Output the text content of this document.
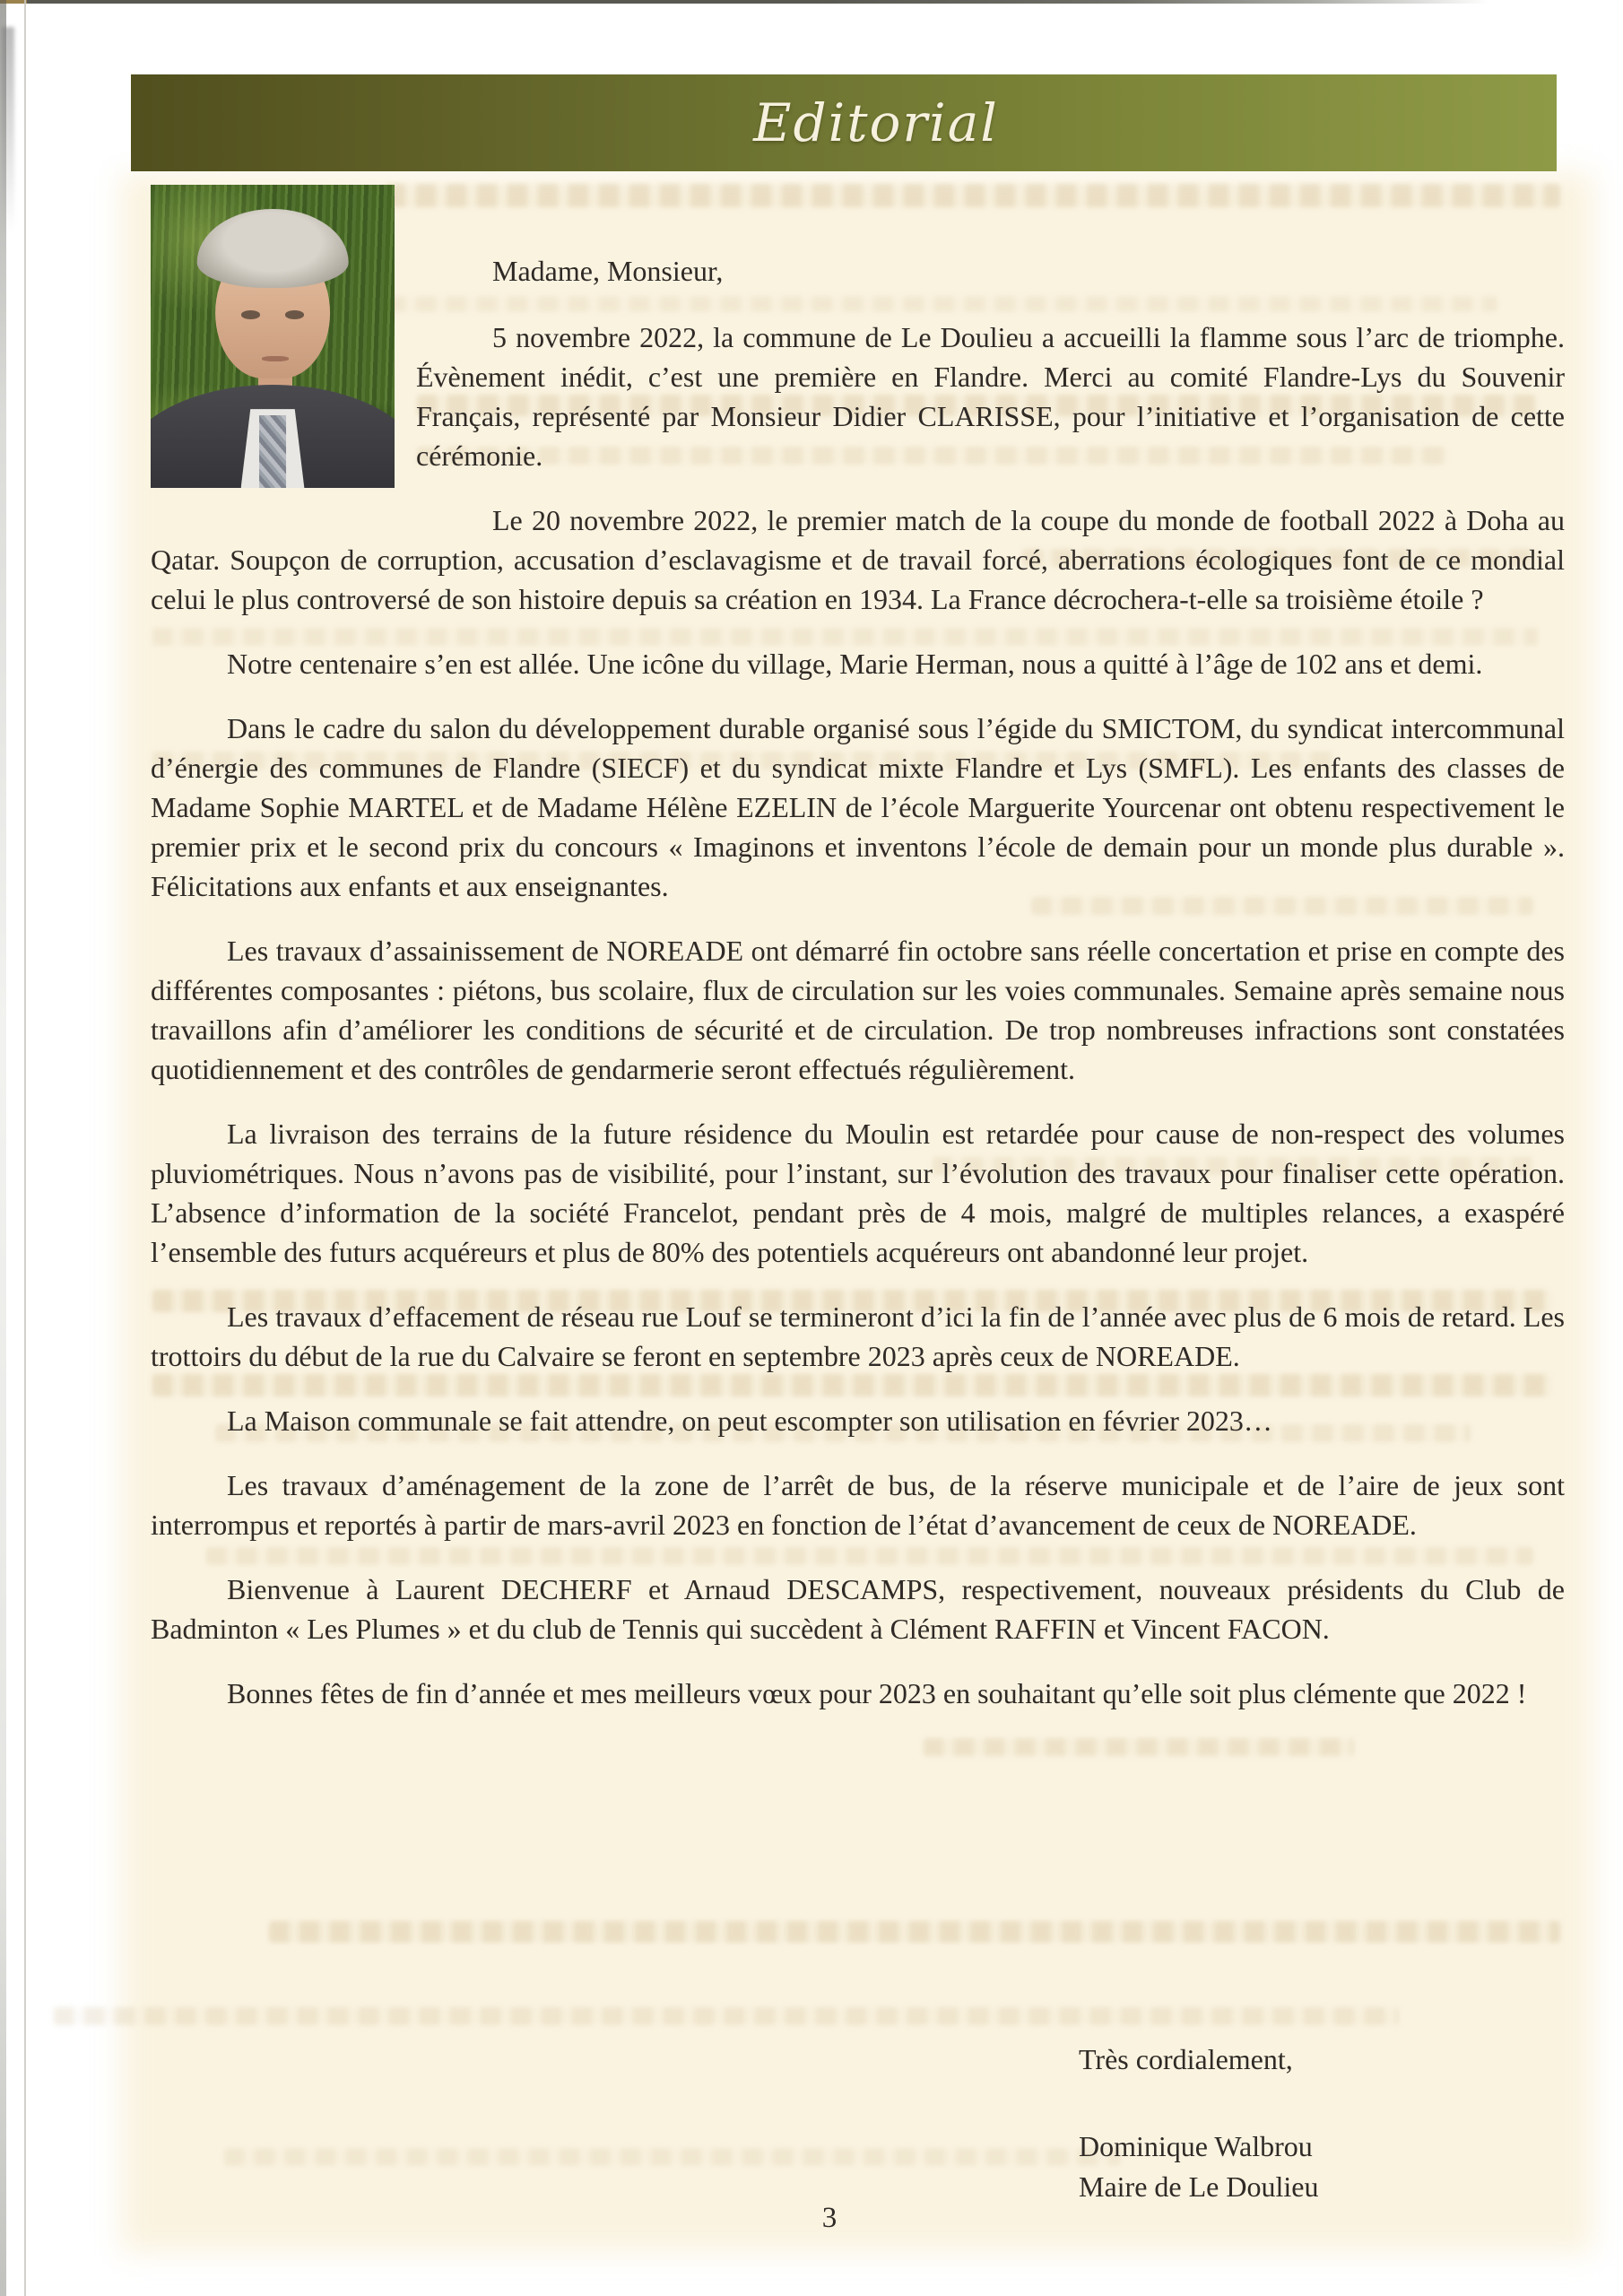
Editorial

Madame, Monsieur,

5 novembre 2022, la commune de Le Doulieu a accueilli la flamme sous l’arc de triomphe. Évènement inédit, c’est une première en Flandre. Merci au comité Flandre-Lys du Souvenir Français, représenté par Monsieur Didier CLARISSE, pour l’initiative et l’organisation de cette cérémonie.

Le 20 novembre 2022, le premier match de la coupe du monde de football 2022 à Doha au Qatar. Soupçon de corruption, accusation d’esclavagisme et de travail forcé, aberrations écologiques font de ce mondial celui le plus controversé de son histoire depuis sa création en 1934. La France décrochera-t-elle sa troisième étoile ?

Notre centenaire s’en est allée. Une icône du village, Marie Herman, nous a quitté à l’âge de 102 ans et demi.

Dans le cadre du salon du développement durable organisé sous l’égide du SMICTOM, du syndicat intercommunal d’énergie des communes de Flandre (SIECF) et du syndicat mixte Flandre et Lys (SMFL). Les enfants des classes de Madame Sophie MARTEL et de Madame Hélène EZELIN de l’école Marguerite Yourcenar ont obtenu respectivement le premier prix et le second prix du concours « Imaginons et inventons l’école de demain pour un monde plus durable ». Félicitations aux enfants et aux enseignantes.

Les travaux d’assainissement de NOREADE ont démarré fin octobre sans réelle concertation et prise en compte des différentes composantes : piétons, bus scolaire, flux de circulation sur les voies communales. Semaine après semaine nous travaillons afin d’améliorer les conditions de sécurité et de circulation. De trop nombreuses infractions sont constatées quotidiennement et des contrôles de gendarmerie seront effectués régulièrement.

La livraison des terrains de la future résidence du Moulin est retardée pour cause de non-respect des volumes pluviométriques. Nous n’avons pas de visibilité, pour l’instant, sur l’évolution des travaux pour finaliser cette opération. L’absence d’information de la société Francelot, pendant près de 4 mois, malgré de multiples relances, a exaspéré l’ensemble des futurs acquéreurs et plus de 80% des potentiels acquéreurs ont abandonné leur projet.

Les travaux d’effacement de réseau rue Louf se termineront d’ici la fin de l’année avec plus de 6 mois de retard. Les trottoirs du début de la rue du Calvaire se feront en septembre 2023 après ceux de NOREADE.

La Maison communale se fait attendre, on peut escompter son utilisation en février 2023…

Les travaux d’aménagement de la zone de l’arrêt de bus, de la réserve municipale et de l’aire de jeux sont interrompus et reportés à partir de mars-avril 2023 en fonction de l’état d’avancement de ceux de NOREADE.

Bienvenue à Laurent DECHERF et Arnaud DESCAMPS, respectivement, nouveaux présidents du Club de Badminton « Les Plumes » et du club de Tennis qui succèdent à Clément RAFFIN et Vincent FACON.

Bonnes fêtes de fin d’année et mes meilleurs vœux pour 2023 en souhaitant qu’elle soit plus clémente que 2022 !

Très cordialement,

Dominique Walbrou

Maire de Le Doulieu

3
